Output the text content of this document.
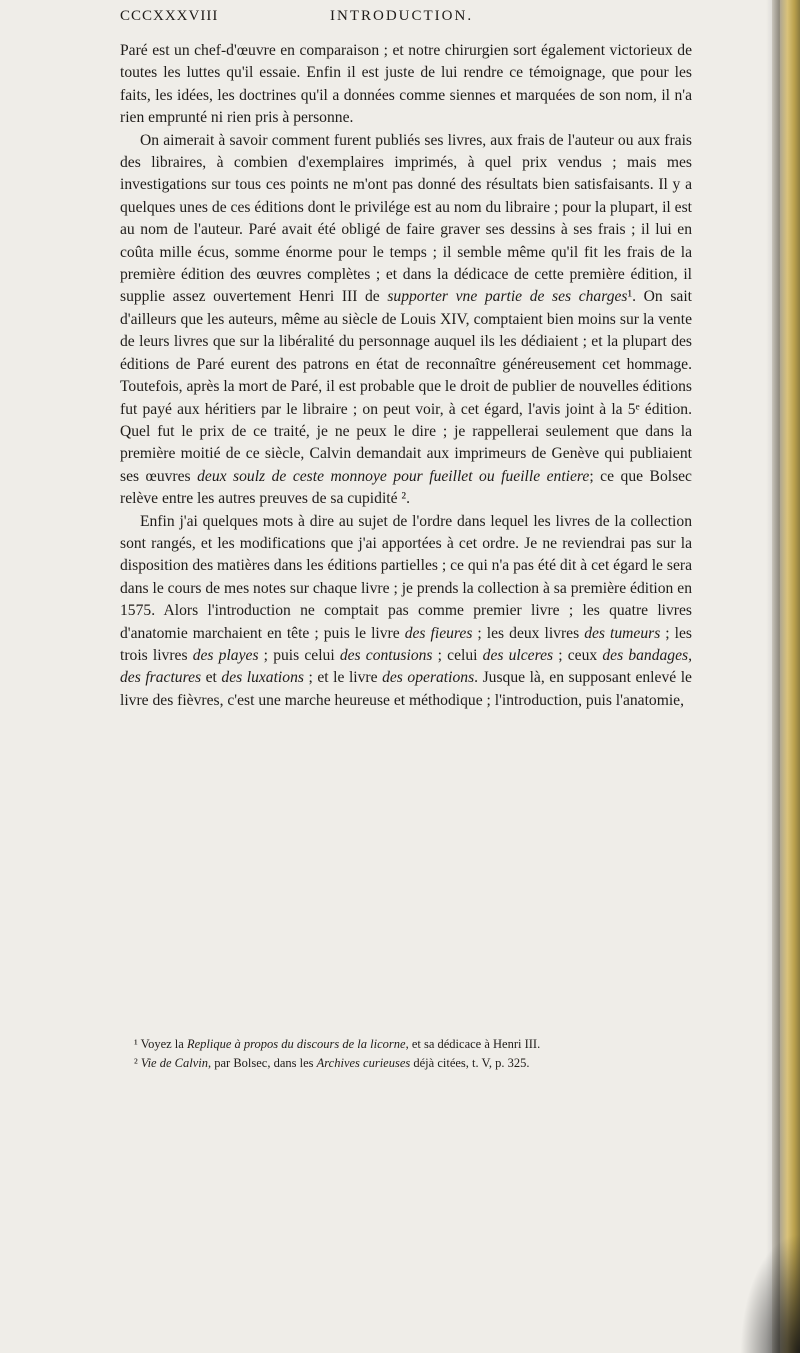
CCCXXXVIII	INTRODUCTION.

Paré est un chef-d'œuvre en comparaison ; et notre chirurgien sort également victorieux de toutes les luttes qu'il essaie. Enfin il est juste de lui rendre ce témoignage, que pour les faits, les idées, les doctrines qu'il a données comme siennes et marquées de son nom, il n'a rien emprunté ni rien pris à personne.

On aimerait à savoir comment furent publiés ses livres, aux frais de l'auteur ou aux frais des libraires, à combien d'exemplaires imprimés, à quel prix vendus ; mais mes investigations sur tous ces points ne m'ont pas donné des résultats bien satisfaisants. Il y a quelques unes de ces éditions dont le privilége est au nom du libraire ; pour la plupart, il est au nom de l'auteur. Paré avait été obligé de faire graver ses dessins à ses frais ; il lui en coûta mille écus, somme énorme pour le temps ; il semble même qu'il fit les frais de la première édition des œuvres complètes ; et dans la dédicace de cette première édition, il supplie assez ouvertement Henri III de supporter vne partie de ses charges¹. On sait d'ailleurs que les auteurs, même au siècle de Louis XIV, comptaient bien moins sur la vente de leurs livres que sur la libéralité du personnage auquel ils les dédiaient ; et la plupart des éditions de Paré eurent des patrons en état de reconnaître généreusement cet hommage. Toutefois, après la mort de Paré, il est probable que le droit de publier de nouvelles éditions fut payé aux héritiers par le libraire ; on peut voir, à cet égard, l'avis joint à la 5ᵉ édition. Quel fut le prix de ce traité, je ne peux le dire ; je rappellerai seulement que dans la première moitié de ce siècle, Calvin demandait aux imprimeurs de Genève qui publiaient ses œuvres deux soulz de ceste monnoye pour fueillet ou fueille entiere; ce que Bolsec relève entre les autres preuves de sa cupidité ².

Enfin j'ai quelques mots à dire au sujet de l'ordre dans lequel les livres de la collection sont rangés, et les modifications que j'ai apportées à cet ordre. Je ne reviendrai pas sur la disposition des matières dans les éditions partielles ; ce qui n'a pas été dit à cet égard le sera dans le cours de mes notes sur chaque livre ; je prends la collection à sa première édition en 1575. Alors l'introduction ne comptait pas comme premier livre ; les quatre livres d'anatomie marchaient en tête ; puis le livre des fieures ; les deux livres des tumeurs ; les trois livres des playes ; puis celui des contusions ; celui des ulceres ; ceux des bandages, des fractures et des luxations ; et le livre des operations. Jusque là, en supposant enlevé le livre des fièvres, c'est une marche heureuse et méthodique ; l'introduction, puis l'anatomie,

¹ Voyez la Replique à propos du discours de la licorne, et sa dédicace à Henri III.

² Vie de Calvin, par Bolsec, dans les Archives curieuses déjà citées, t. V, p. 325.
